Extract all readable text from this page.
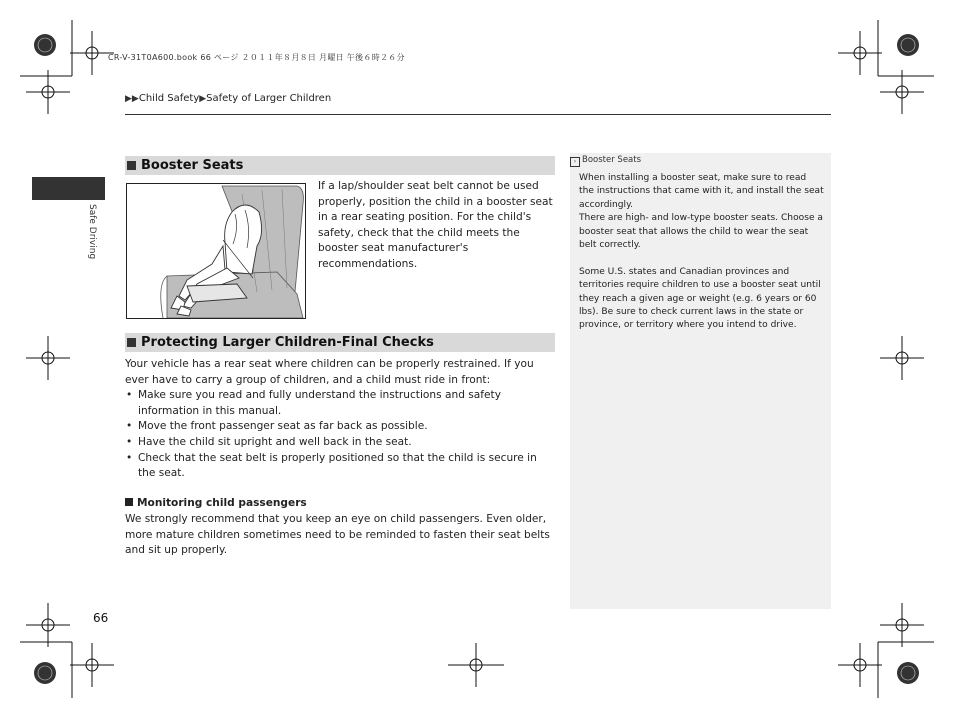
CR-V-31T0A600.book 66 ページ ２０１１年８月８日 月曜日 午後６時２６分
▶▶Child Safety▶Safety of Larger Children
Safe Driving
Booster Seats
If a lap/shoulder seat belt cannot be used properly, position the child in a booster seat in a rear seating position. For the child's safety, check that the child meets the booster seat manufacturer's recommendations.
Protecting Larger Children-Final Checks
Your vehicle has a rear seat where children can be properly restrained. If you ever have to carry a group of children, and a child must ride in front:
• Make sure you read and fully understand the instructions and safety information in this manual.
• Move the front passenger seat as far back as possible.
• Have the child sit upright and well back in the seat.
• Check that the seat belt is properly positioned so that the child is secure in the seat.
Monitoring child passengers
We strongly recommend that you keep an eye on child passengers. Even older, more mature children sometimes need to be reminded to fasten their seat belts and sit up properly.
› Booster Seats
When installing a booster seat, make sure to read the instructions that came with it, and install the seat accordingly.
There are high- and low-type booster seats. Choose a booster seat that allows the child to wear the seat belt correctly.
Some U.S. states and Canadian provinces and territories require children to use a booster seat until they reach a given age or weight (e.g. 6 years or 60 lbs). Be sure to check current laws in the state or province, or territory where you intend to drive.
66
